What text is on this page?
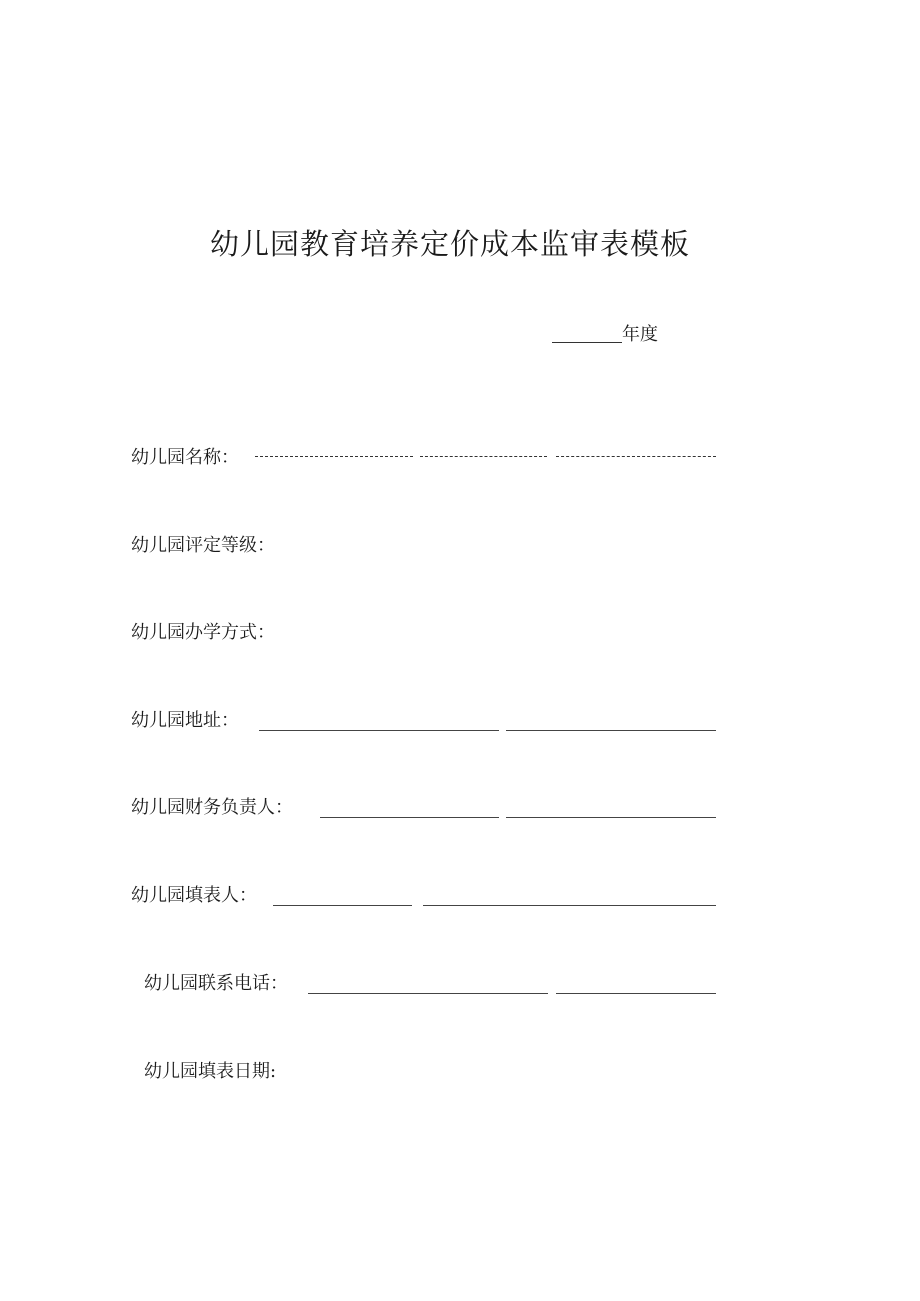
幼儿园教育培养定价成本监审表模板
年度
幼儿园名称：
幼儿园评定等级：
幼儿园办学方式：
幼儿园地址：
幼儿园财务负责人：
幼儿园填表人：
幼儿园联系电话：
幼儿园填表日期:
